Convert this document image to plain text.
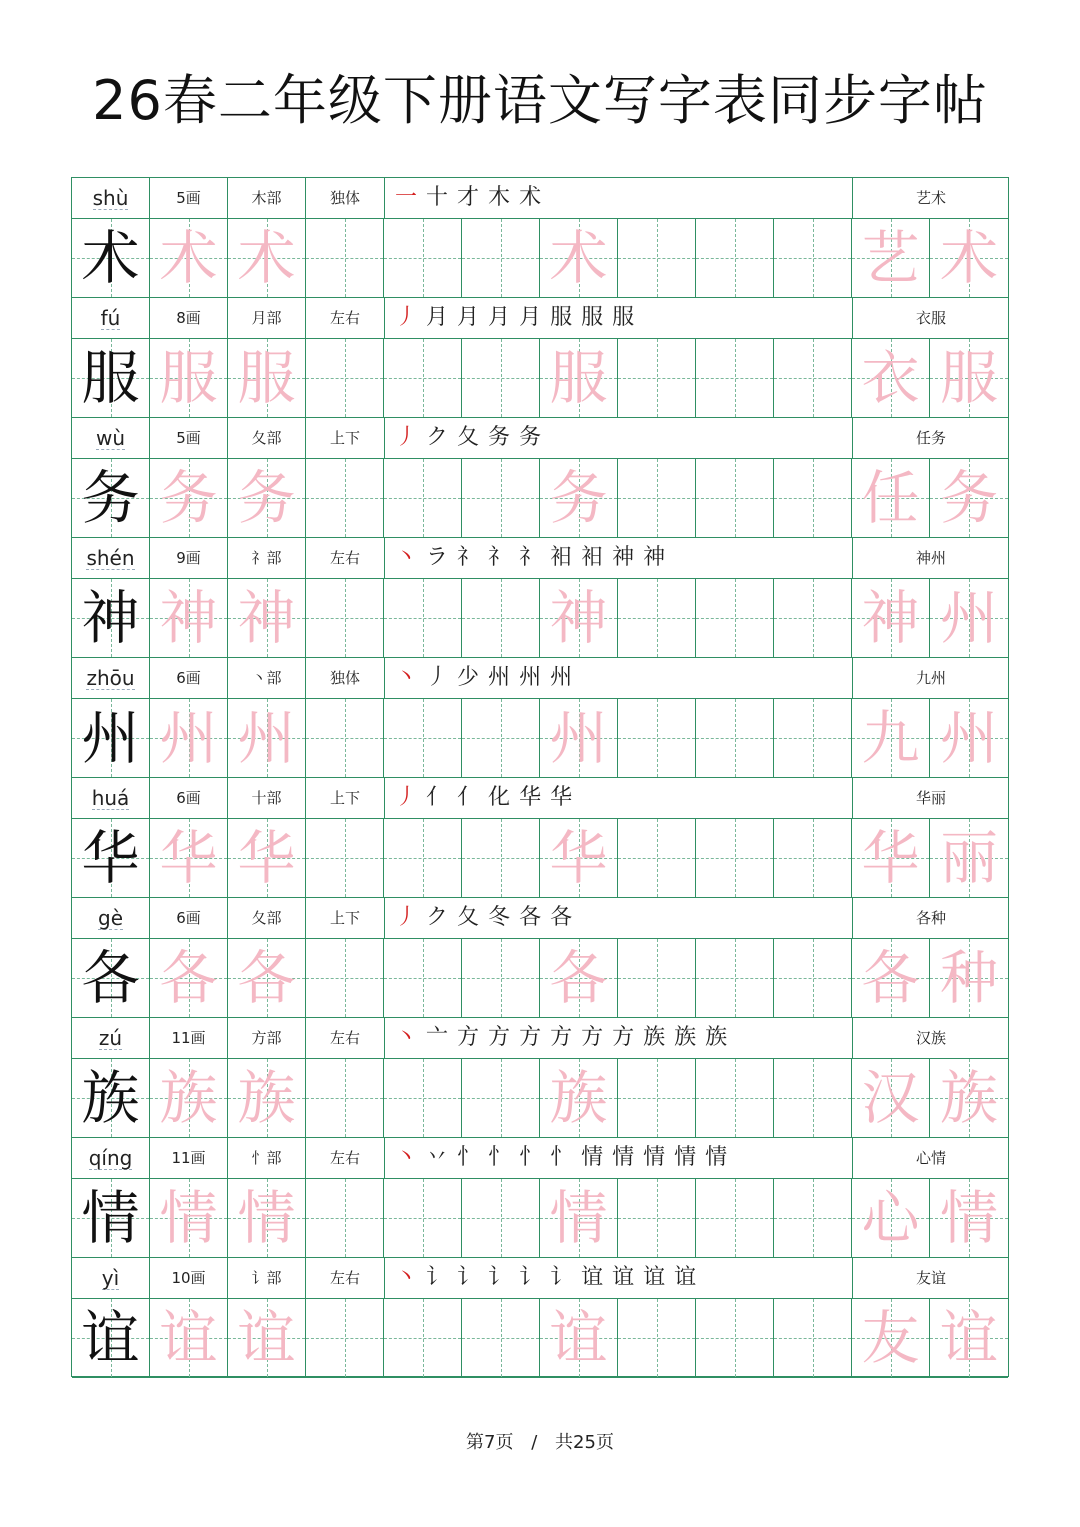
26春二年级下册语文写字表同步字帖
shù	5画	木部	独体	一 十 才 木 术	艺术
术 术 术	术	艺 术
fú	8画	月部	左右	丿 月 月 月 月 服 服 服	衣服
服 服 服	服	衣 服
wù	5画	夂部	上下	丿 ク 夂 务 务	任务
务 务 务	务	任 务
shén	9画	礻部	左右	丶 ラ 礻 礻 礻 衵 衵 神 神	神州
神 神 神	神	神 州
zhōu	6画	丶部	独体	丶 丿 少 州 州 州	九州
州 州 州	州	九 州
huá	6画	十部	上下	丿 亻 亻 化 华 华	华丽
华 华 华	华	华 丽
gè	6画	夂部	上下	丿 ク 夂 冬 各 各	各种
各 各 各	各	各 种
zú	11画	方部	左右	丶 亠 方 方 方 方 方 方 族 族 族	汉族
族 族 族	族	汉 族
qíng	11画	忄部	左右	丶 丷 忄 忄 忄 忄 情 情 情 情 情	心情
情 情 情	情	心 情
yì	10画	讠部	左右	丶 讠 讠 讠 讠 讠 谊 谊 谊 谊	友谊
谊 谊 谊	谊	友 谊
第7页 / 共25页
